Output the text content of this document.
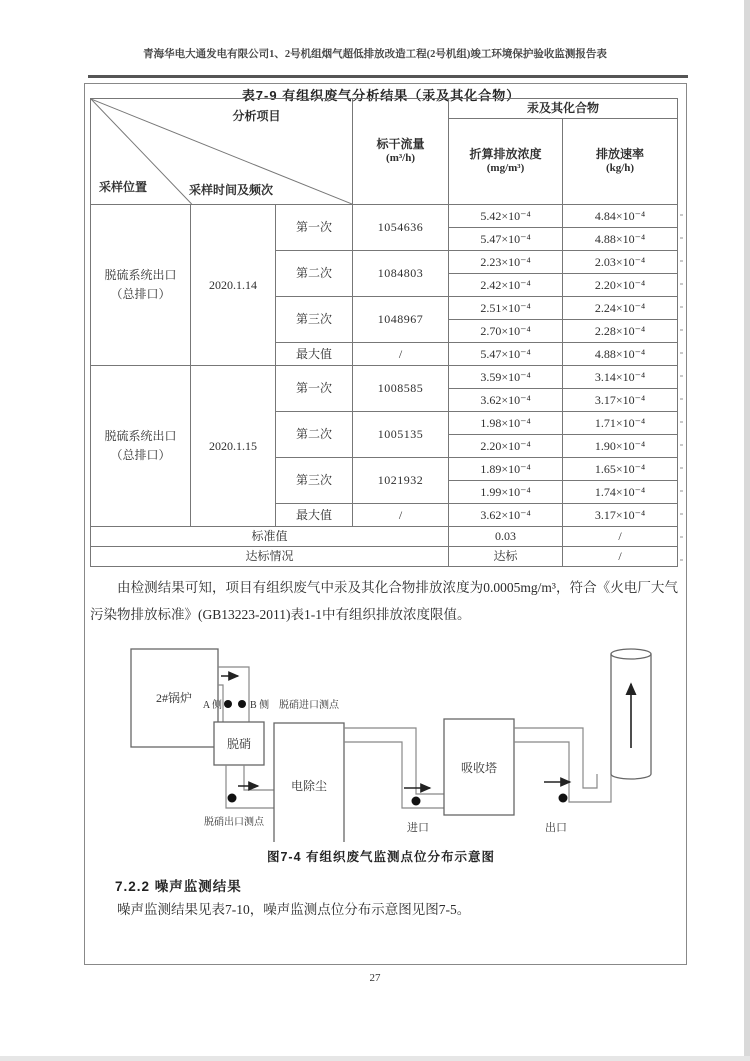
青海华电大通发电有限公司1、2号机组烟气超低排放改造工程(2号机组)竣工环境保护验收监测报告表
表7-9 有组织废气分析结果（汞及其化合物）
分析项目
采样位置	采样时间及频次

标干流量
(m³/h)
	汞及其化合物

折算排放浓度
(mg/m³)

排放速率
(kg/h)

脱硫系统出口
（总排口）	2020.1.14	第一次	1054636	5.42×10⁻⁴	4.84×10⁻⁴
				5.47×10⁻⁴	4.88×10⁻⁴
		第二次	1084803	2.23×10⁻⁴	2.03×10⁻⁴
				2.42×10⁻⁴	2.20×10⁻⁴
		第三次	1048967	2.51×10⁻⁴	2.24×10⁻⁴
				2.70×10⁻⁴	2.28×10⁻⁴
		最大值	/	5.47×10⁻⁴	4.88×10⁻⁴

脱硫系统出口
（总排口）	2020.1.15	第一次	1008585	3.59×10⁻⁴	3.14×10⁻⁴
				3.62×10⁻⁴	3.17×10⁻⁴
		第二次	1005135	1.98×10⁻⁴	1.71×10⁻⁴
				2.20×10⁻⁴	1.90×10⁻⁴
		第三次	1021932	1.89×10⁻⁴	1.65×10⁻⁴
				1.99×10⁻⁴	1.74×10⁻⁴
		最大值	/	3.62×10⁻⁴	3.17×10⁻⁴
标准值				0.03	/
达标情况				达标	/

由检测结果可知，项目有组织废气中汞及其化合物排放浓度为0.0005mg/m³，符合《火电厂大气污染物排放标准》(GB13223-2011)表1-1中有组织排放浓度限值。

2#锅炉
A 侧	B 侧 脱硝进口测点
脱硝
脱硝出口测点
电除尘
进口
吸收塔
出口
图7-4 有组织废气监测点位分布示意图
7.2.2 噪声监测结果

噪声监测结果见表7-10，噪声监测点位分布示意图见图7-5。

27
